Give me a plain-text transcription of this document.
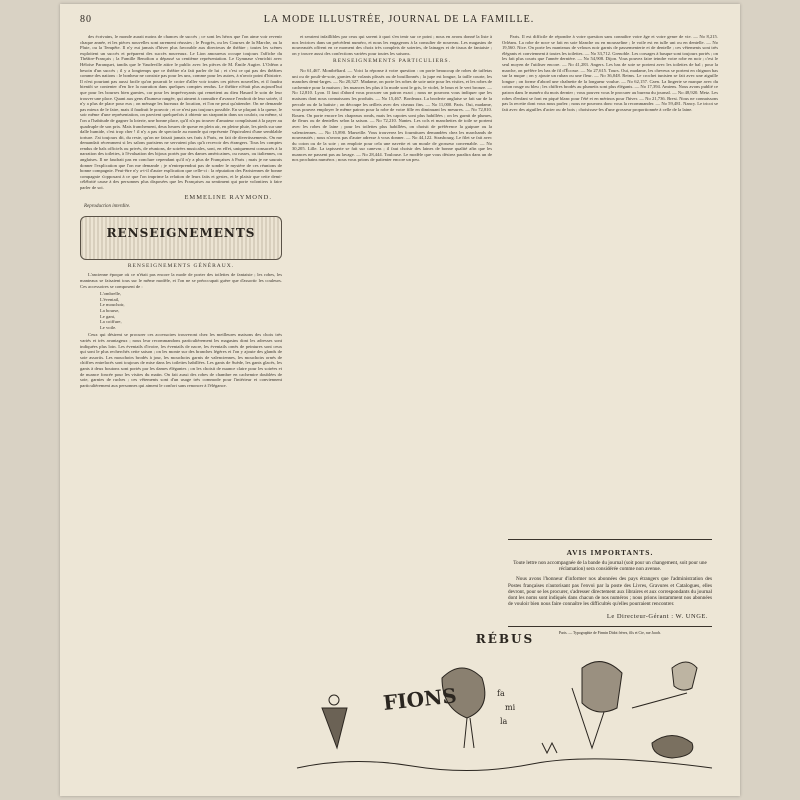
80	LA MODE ILLUSTRÉE, JOURNAL DE LA FAMILLE.

des écrivains, le monde aurait moins de chances de succès ; ce sont les héros que l'on aime voir revenir chaque année, et les pièces nouvelles sont rarement réussies ; le Progrès, ou les Courses de la Marche, ou la Pluie, ou la Tempête. Il n'y eut jamais d'hiver plus favorable aux directeurs de théâtre ; toutes les scènes exploitent un succès et préparent des succès nouveaux. Le Lion amoureux occupe toujours l'affiche du Théâtre-Français ; la Famille Benoîton a dépassé sa centième représentation. Le Gymnase s'enrichit avec Héloïse Paranquet, tandis que le Vaudeville attire le public avec les pièces de M. Émile Augier. L'Odéon a besoin d'un succès ; il y a longtemps que ce théâtre n'a fait parler de lui ; et c'est ce qui pas des théâtres comme des nations : le bonheur ne consiste pas pour les uns, comme pour les autres, à n'avoir point d'histoire. Il n'est pourtant pas aussi facile qu'on pourrait le croire d'aller voir toutes ces pièces nouvelles, et il faudra bientôt se contenter d'en lire la narration dans quelques comptes rendus. Le théâtre n'était plus aujourd'hui que pour les bourses bien garnies, car pour les imprévoyants qui remettent au dieu Hasard le soin de leur trouver une place. Quant aux gens d'humeur rangée, qui aiment à connaître d'avance l'endroit de leur soirée, il n'y a plus de place pour eux ; on ménage les bureaux de location, et l'on ne peut qu'attendre. On ne demande pas mieux de le faire, mais il faudrait le pouvoir ; et ce n'est pas toujours possible. En se plaçant à la queue, le soir même d'une représentation, on parvient quelquefois à obtenir un strapontin dans un couloir, ou même, si l'on a l'habitude de gagner la loterie, une bonne place, qu'il n'a pu trouver d'amateur complaisant à la payer au quadruple de son prix. Mais franchement, deux heures de queue en plein air, en pleine pluie, les pieds sur une dalle humide, c'est trop cher ! il n'y a pas de spectacle au monde qui représente l'équivalent d'une semblable torture. J'ai toujours dit, du reste, qu'on ne faisait jamais ses frais à Paris, en fait de divertissements. On me demandait récemment si les salons parisiens ne servaient plus qu'à recevoir des étrangers. Tous les comptes rendus de bals officiels ou privés, de réunions, de soirées musicales, sont, en effet, uniquement consacrés à la narration des toilettes, à l'évaluation des bijoux portés par des dames américaines, ou russes, ou italiennes, ou anglaises. Il ne faudrait pas en conclure cependant qu'il n'y a plus de Françaises à Paris ; mais je ne saurais donner l'explication que l'on me demande ; je n'entreprendrai pas de sonder le mystère de ces réunions de bonne compagnie. Peut-être n'y a-t-il d'autre explication que celle-ci : la réputation des Parisiennes de bonne compagnie s'opposant à ce que l'on imprime la relation de leurs faits et gestes, et le plaisir que cette demi-célébrité cause à des personnes plus disposées que les Françaises au sentiment qui porte volontiers à faire parler de soi.

EMMELINE RAYMOND.
Reproduction interdite.
RENSEIGNEMENTS
RENSEIGNEMENTS GÉNÉRAUX.

L'ancienne époque où ce n'était pas encore la mode de porter des toilettes de fantaisie ; les robes, les manteaux se faisaient tous sur le même modèle, et l'on ne se préoccupait guère que d'assortir les couleurs. Ces accessoires se composent de :

L'ombrelle,
L'éventail,
Le mouchoir,
La bourse,
Le gant,
La coiffure,
Le voile.

Ceux qui désirent se procurer ces accessoires trouveront chez les meilleures maisons des choix très variés et très avantageux ; nous leur recommandons particulièrement les magasins dont les adresses sont indiquées plus loin. Les éventails d'ivoire, les éventails de nacre, les éventails ornés de peintures sont ceux qui sont le plus recherchés cette saison ; on les monte sur des branches légères et l'on y ajoute des glands de soie assortis. Les mouchoirs brodés à jour, les mouchoirs garnis de valenciennes, les mouchoirs ornés de chiffres entrelacés sont toujours de mise dans les toilettes habillées. Les gants de Suède, les gants glacés, les gants à deux boutons sont portés par les dames élégantes ; on les choisit de nuance claire pour les soirées et de nuance foncée pour les visites du matin. On fait aussi des robes de chambre en cachemire doublées de soie, garnies de ruches ; ces vêtements sont d'un usage très commode pour l'intérieur et conviennent particulièrement aux personnes qui aiment le confort sans renoncer à l'élégance.

et seraient infaillibles par ceux qui savent à quoi s'en tenir sur ce point ; nous en avons donné la liste à nos lectrices dans un précédent numéro, et nous les engageons à la consulter de nouveau. Les magasins de nouveautés offrent en ce moment des choix très complets de soieries, de lainages et de tissus de fantaisie ; on y trouve aussi des confections variées pour toutes les saisons.

RENSEIGNEMENTS PARTICULIERS.

No 61,467. Montbéliard. — Voici la réponse à votre question : on porte beaucoup de robes de taffetas uni ou de poult-de-soie, garnies de volants plissés ou de bouillonnés ; la jupe est longue, la taille courte, les manches demi-larges. — No 20,327. Madame, on porte les robes de soie unie pour les visites, et les robes de cachemire pour la maison ; les nuances les plus à la mode sont le gris, le violet, le brun et le vert bronze. — No 12,810. Lyon. Il faut d'abord vous procurer un patron exact ; nous ne pouvons vous indiquer que les maisons dont nous connaissons les produits. — No 15,467. Bordeaux. La broderie anglaise se fait sur de la percale ou de la batiste ; on découpe les œillets avec des ciseaux fins. — No 11,000. Paris. Oui, madame, vous pouvez employer le même patron pour la robe de votre fille en diminuant les mesures. — No 72,810. Rouen. On porte encore les chapeaux ronds, mais les capotes sont plus habillées ; on les garnit de plumes, de fleurs ou de dentelles selon la saison. — No 72,210. Nantes. Les cols et manchettes de toile se portent avec les robes de laine ; pour les toilettes plus habillées, on choisit de préférence la guipure ou la valenciennes. — No 15,890. Marseille. Vous trouverez les fournitures demandées chez les marchands de nouveautés ; nous n'avons pas d'autre adresse à vous donner. — No 44,122. Strasbourg. Le filet se fait avec du coton ou de la soie ; on emploie pour cela une navette et un moule de grosseur convenable. — No 30,205. Lille. La tapisserie se fait sur canevas ; il faut choisir des laines de bonne qualité afin que les nuances ne passent pas au lavage. — No 28,444. Toulouse. Le modèle que vous désirez paraîtra dans un de nos prochains numéros ; nous vous prions de patienter encore un peu.

Paris. Il est difficile de répondre à votre question sans connaître votre âge et votre genre de vie. — No 8,215. Orléans. La robe de noce se fait en soie blanche ou en mousseline ; le voile est en tulle uni ou en dentelle. — No 19,560. Nice. On porte les manteaux de velours noir garnis de passementerie et de dentelle ; ces vêtements sont très élégants et conviennent à toutes les toilettes. — No 33,712. Grenoble. Les corsages à basque sont toujours portés ; on les fait plus courts que l'année dernière. — No 54,908. Dijon. Vous pouvez faire teindre votre robe en noir ; c'est le seul moyen de l'utiliser encore. — No 41,283. Angers. Les bas de soie se portent avec les toilettes de bal ; pour la marche, on préfère les bas de fil d'Écosse. — No 27,615. Tours. Oui, madame, les cheveux se portent en chignon bas sur la nuque ; on y ajoute un ruban ou une fleur. — No 36,048. Reims. Le crochet tunisien se fait avec une aiguille longue ; on forme d'abord une chaînette de la longueur voulue. — No 62,157. Caen. La lingerie se marque avec du coton rouge ou bleu ; les chiffres brodés au plumetis sont plus élégants. — No 17,394. Amiens. Nous avons publié ce patron dans le numéro du mois dernier ; vous pouvez vous le procurer au bureau du journal. — No 48,920. Metz. Les robes d'enfant se font en piqué blanc pour l'été et en mérinos pour l'hiver. — No 21,736. Brest. Nous ne connaissons pas la recette dont vous nous parlez ; nous ne pouvons donc vous la recommander. — No 59,481. Nancy. Le tricot se fait avec des aiguilles d'acier ou de bois ; choisissez-les d'une grosseur proportionnée à celle de la laine.

AVIS IMPORTANTS.
Toute lettre non accompagnée de la bande du journal (soit pour un changement, soit pour une réclamation) sera considérée comme non avenue.
Nous avons l'honneur d'informer nos abonnées des pays étrangers que l'administration des Postes françaises n'autorisant pas l'envoi par la poste des Livres, Gravures et Catalogues, elles devront, pour se les procurer, s'adresser directement aux libraires et aux correspondants du journal dont les noms sont indiqués dans chacun de nos numéros ; nous prions instamment nos abonnées de vouloir bien nous faire connaître les difficultés qu'elles pourraient rencontrer.
Le Directeur-Gérant : W. UNGE.
Paris. — Typographie de Firmin Didot frères, fils et Cie, rue Jacob.
RÉBUS
FIONS	fa
mi
la
